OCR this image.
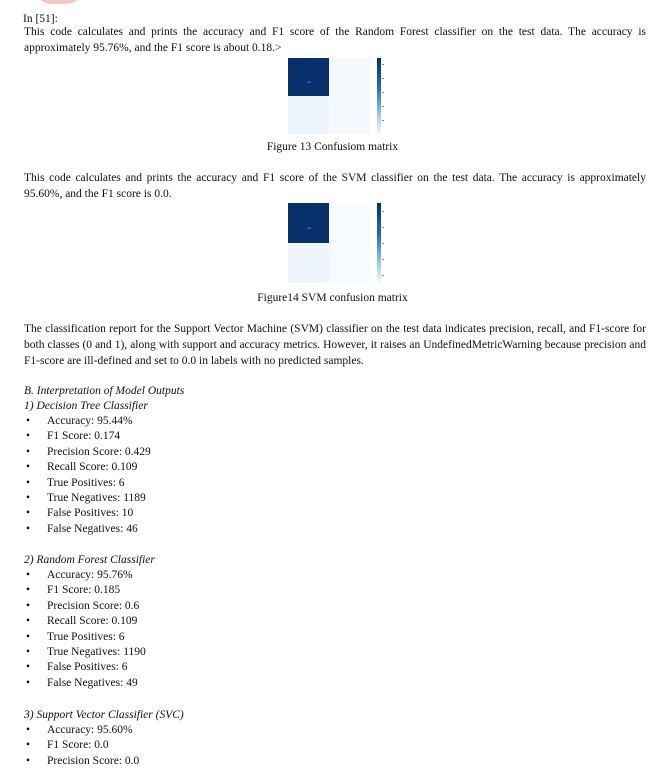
In [51]:

This code calculates and prints the accuracy and F1 score of the Random Forest classifier on the test data. The accuracy is approximately 95.76%, and the F1 score is about 0.18.>

1190	6
49	6
Figure 13 Confusiom matrix

This code calculates and prints the accuracy and F1 score of the SVM classifier on the test data. The accuracy is approximately 95.60%, and the F1 score is 0.0.

1196	0
55	0
Figure14 SVM confusion matrix

The classification report for the Support Vector Machine (SVM) classifier on the test data indicates precision, recall, and F1-score for both classes (0 and 1), along with support and accuracy metrics. However, it raises an UndefinedMetricWarning because precision and F1-score are ill-defined and set to 0.0 in labels with no predicted samples.

B. Interpretation of Model Outputs
1) Decision Tree Classifier
• Accuracy: 95.44%
• F1 Score: 0.174
• Precision Score: 0.429
• Recall Score: 0.109
• True Positives: 6
• True Negatives: 1189
• False Positives: 10
• False Negatives: 46
2) Random Forest Classifier
• Accuracy: 95.76%
• F1 Score: 0.185
• Precision Score: 0.6
• Recall Score: 0.109
• True Positives: 6
• True Negatives: 1190
• False Positives: 6
• False Negatives: 49
3) Support Vector Classifier (SVC)
• Accuracy: 95.60%
• F1 Score: 0.0
• Precision Score: 0.0
